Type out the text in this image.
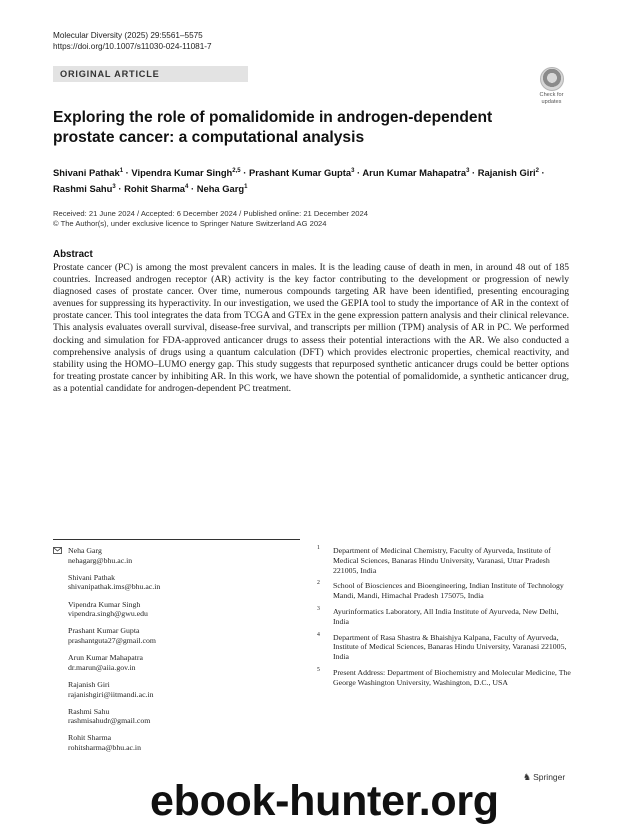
Molecular Diversity (2025) 29:5561–5575
https://doi.org/10.1007/s11030-024-11081-7
ORIGINAL ARTICLE
Check for
updates
Exploring the role of pomalidomide in androgen-dependent prostate cancer: a computational analysis
Shivani Pathak$^1$ · Vipendra Kumar Singh$^{2,5}$ · Prashant Kumar Gupta$^3$ · Arun Kumar Mahapatra$^3$ · Rajanish Giri$^2$ ·
Rashmi Sahu$^3$ · Rohit Sharma$^4$ · Neha Garg$^1$
Received: 21 June 2024 / Accepted: 6 December 2024 / Published online: 21 December 2024
© The Author(s), under exclusive licence to Springer Nature Switzerland AG 2024
Abstract
Prostate cancer (PC) is among the most prevalent cancers in males. It is the leading cause of death in men, in around 48 out of 185 countries. Increased androgen receptor (AR) activity is the key factor contributing to the development or progression of newly diagnosed cases of prostate cancer. Over time, numerous compounds targeting AR have been identified, presenting encouraging avenues for suppressing its hyperactivity. In our investigation, we used the GEPIA tool to study the importance of AR in the context of prostate cancer. This tool integrates the data from TCGA and GTEx in the gene expression pattern analysis and their clinical relevance. This analysis evaluates overall survival, disease-free survival, and transcripts per million (TPM) analysis of AR in PC. We performed docking and simulation for FDA-approved anticancer drugs to assess their potential interactions with the AR. We also conducted a comprehensive analysis of drugs using a quantum calculation (DFT) which provides electronic properties, chemical reactivity, and stability using the HOMO–LUMO energy gap. This study suggests that repurposed synthetic anticancer drugs could be better options for treating prostate cancer by inhibiting AR. In this work, we have shown the potential of pomalidomide, a synthetic anticancer drug, as a potential candidate for androgen-dependent PC treatment.
Neha Garg
nehagarg@bhu.ac.in
Shivani Pathak
shivanipathak.ims@bhu.ac.in
Vipendra Kumar Singh
vipendra.singh@gwu.edu
Prashant Kumar Gupta
prashantguta27@gmail.com
Arun Kumar Mahapatra
dr.marun@aiia.gov.in
Rajanish Giri
rajanishgiri@iitmandi.ac.in
Rashmi Sahu
rashmisahudr@gmail.com
Rohit Sharma
rohitsharma@bhu.ac.in
1 Department of Medicinal Chemistry, Faculty of Ayurveda, Institute of Medical Sciences, Banaras Hindu University, Varanasi, Uttar Pradesh 221005, India
2 School of Biosciences and Bioengineering, Indian Institute of Technology Mandi, Mandi, Himachal Pradesh 175075, India
3 Ayurinformatics Laboratory, All India Institute of Ayurveda, New Delhi, India
4 Department of Rasa Shastra & Bhaishjya Kalpana, Faculty of Ayurveda, Institute of Medical Sciences, Banaras Hindu University, Varanasi 221005, India
5 Present Address: Department of Biochemistry and Molecular Medicine, The George Washington University, Washington, D.C., USA
♞ Springer
ebook-hunter.org
